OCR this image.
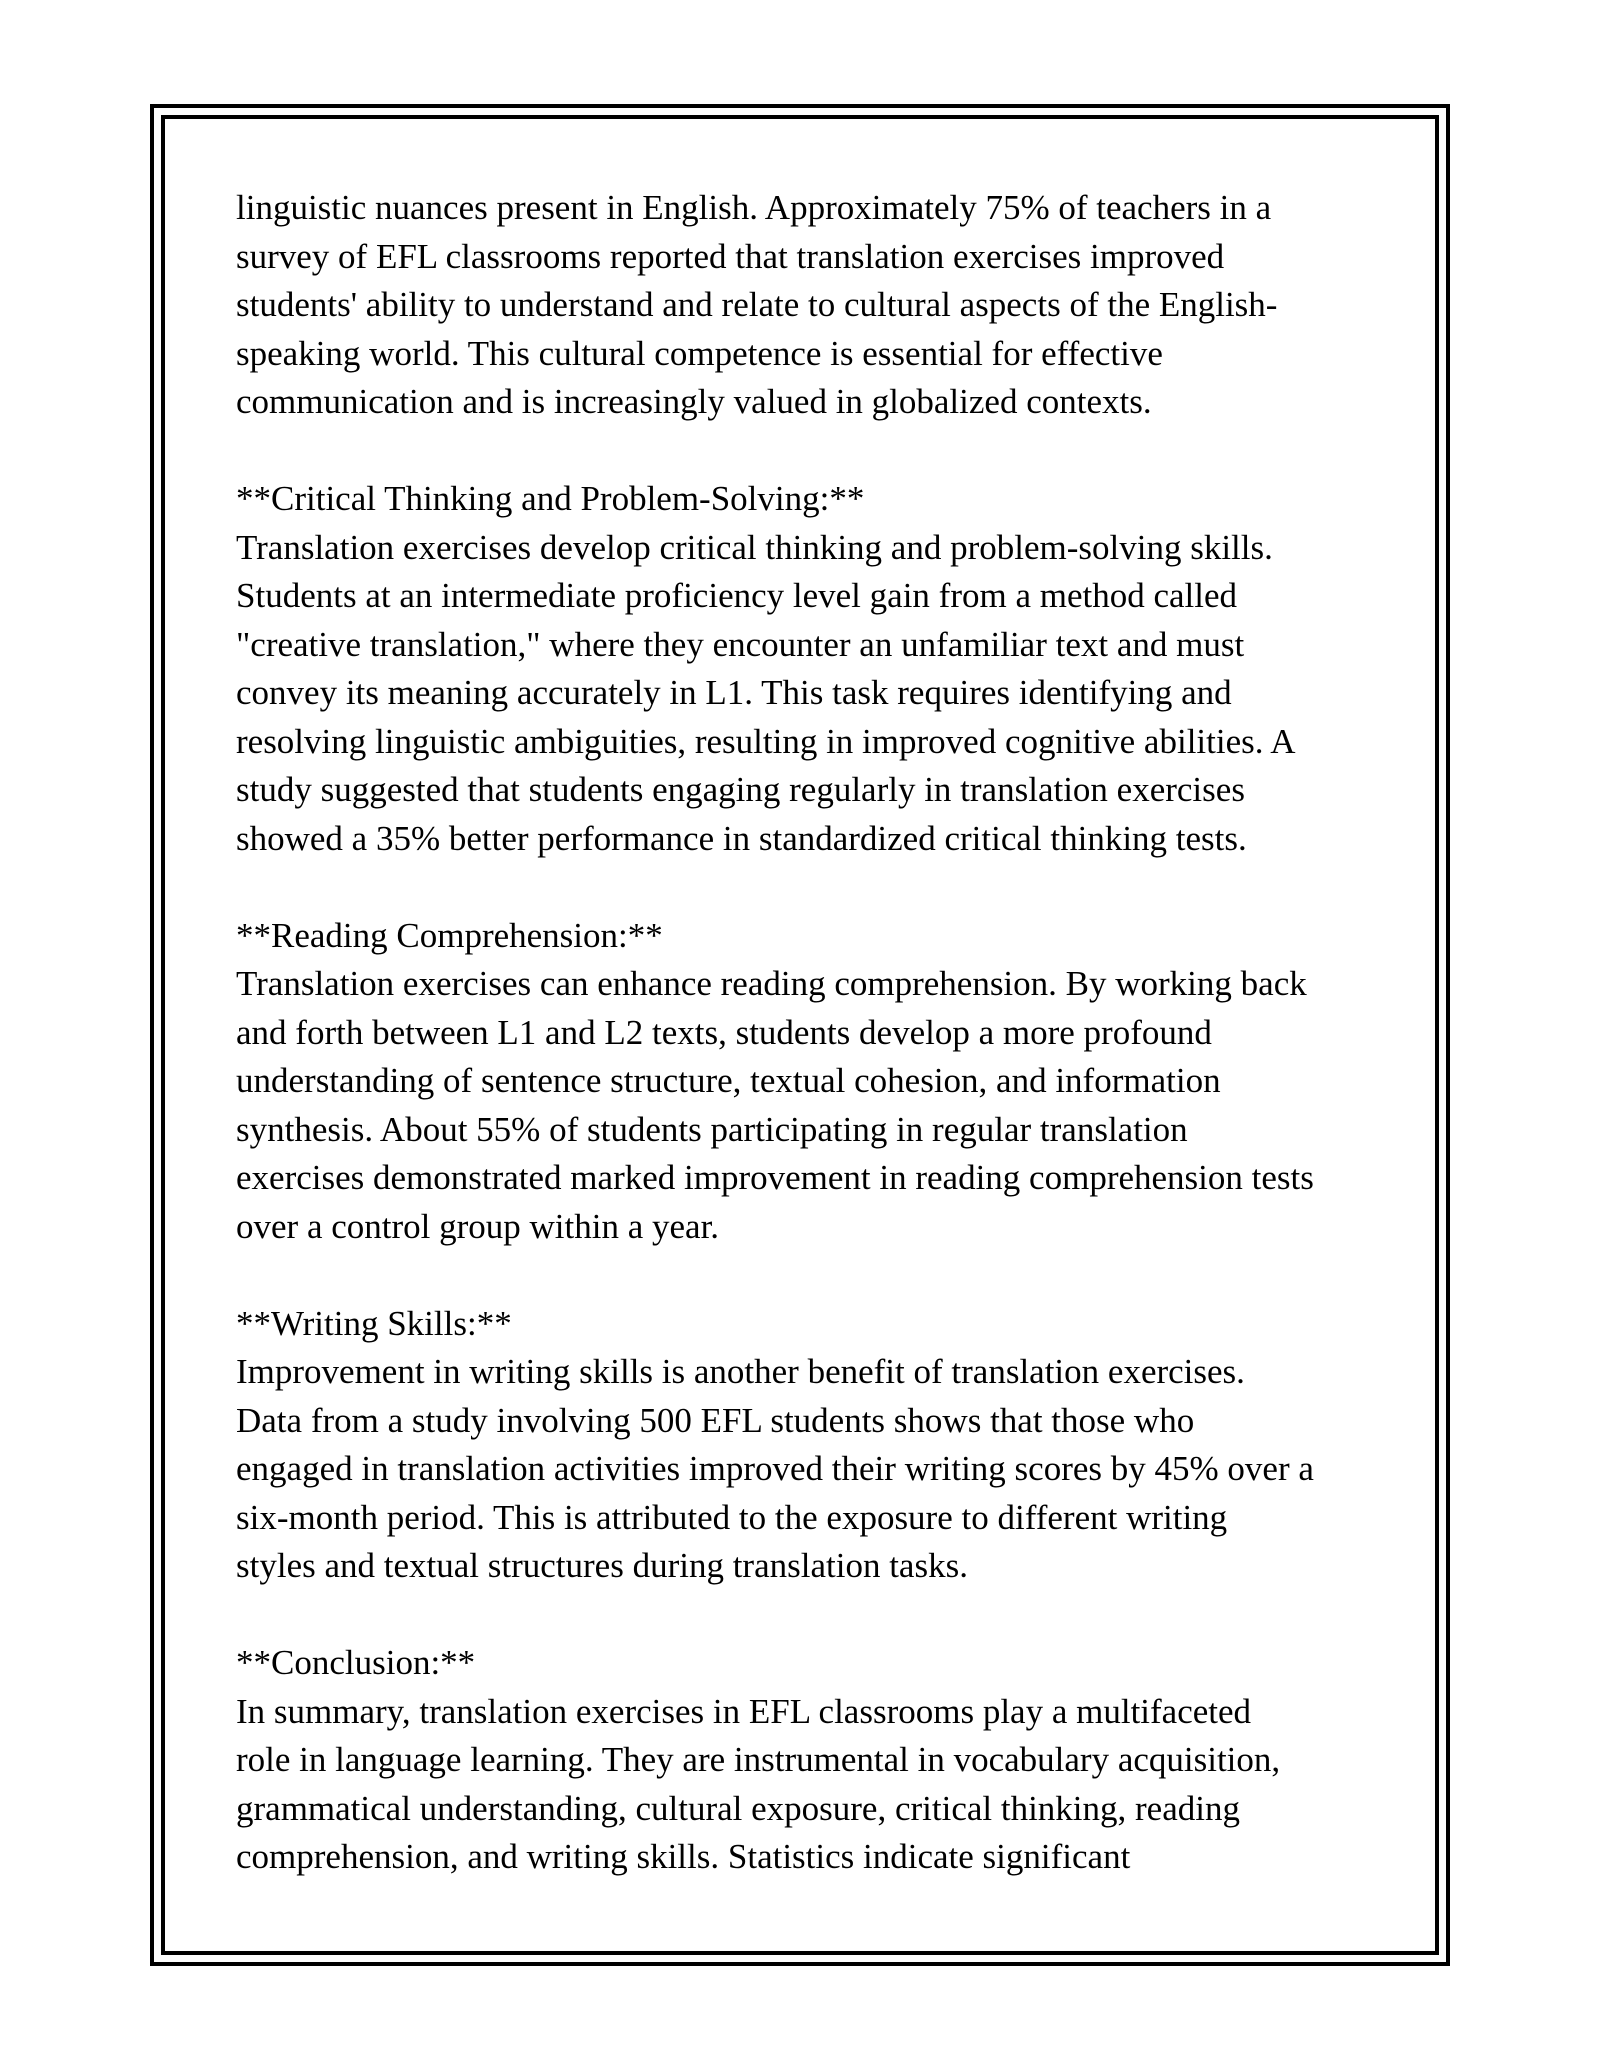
linguistic nuances present in English. Approximately 75% of teachers in a

survey of EFL classrooms reported that translation exercises improved

students' ability to understand and relate to cultural aspects of the English-

speaking world. This cultural competence is essential for effective

communication and is increasingly valued in globalized contexts.

**Critical Thinking and Problem-Solving:**

Translation exercises develop critical thinking and problem-solving skills.

Students at an intermediate proficiency level gain from a method called

"creative translation," where they encounter an unfamiliar text and must

convey its meaning accurately in L1. This task requires identifying and

resolving linguistic ambiguities, resulting in improved cognitive abilities. A

study suggested that students engaging regularly in translation exercises

showed a 35% better performance in standardized critical thinking tests.

**Reading Comprehension:**

Translation exercises can enhance reading comprehension. By working back

and forth between L1 and L2 texts, students develop a more profound

understanding of sentence structure, textual cohesion, and information

synthesis. About 55% of students participating in regular translation

exercises demonstrated marked improvement in reading comprehension tests

over a control group within a year.

**Writing Skills:**

Improvement in writing skills is another benefit of translation exercises.

Data from a study involving 500 EFL students shows that those who

engaged in translation activities improved their writing scores by 45% over a

six-month period. This is attributed to the exposure to different writing

styles and textual structures during translation tasks.

**Conclusion:**

In summary, translation exercises in EFL classrooms play a multifaceted

role in language learning. They are instrumental in vocabulary acquisition,

grammatical understanding, cultural exposure, critical thinking, reading

comprehension, and writing skills. Statistics indicate significant
